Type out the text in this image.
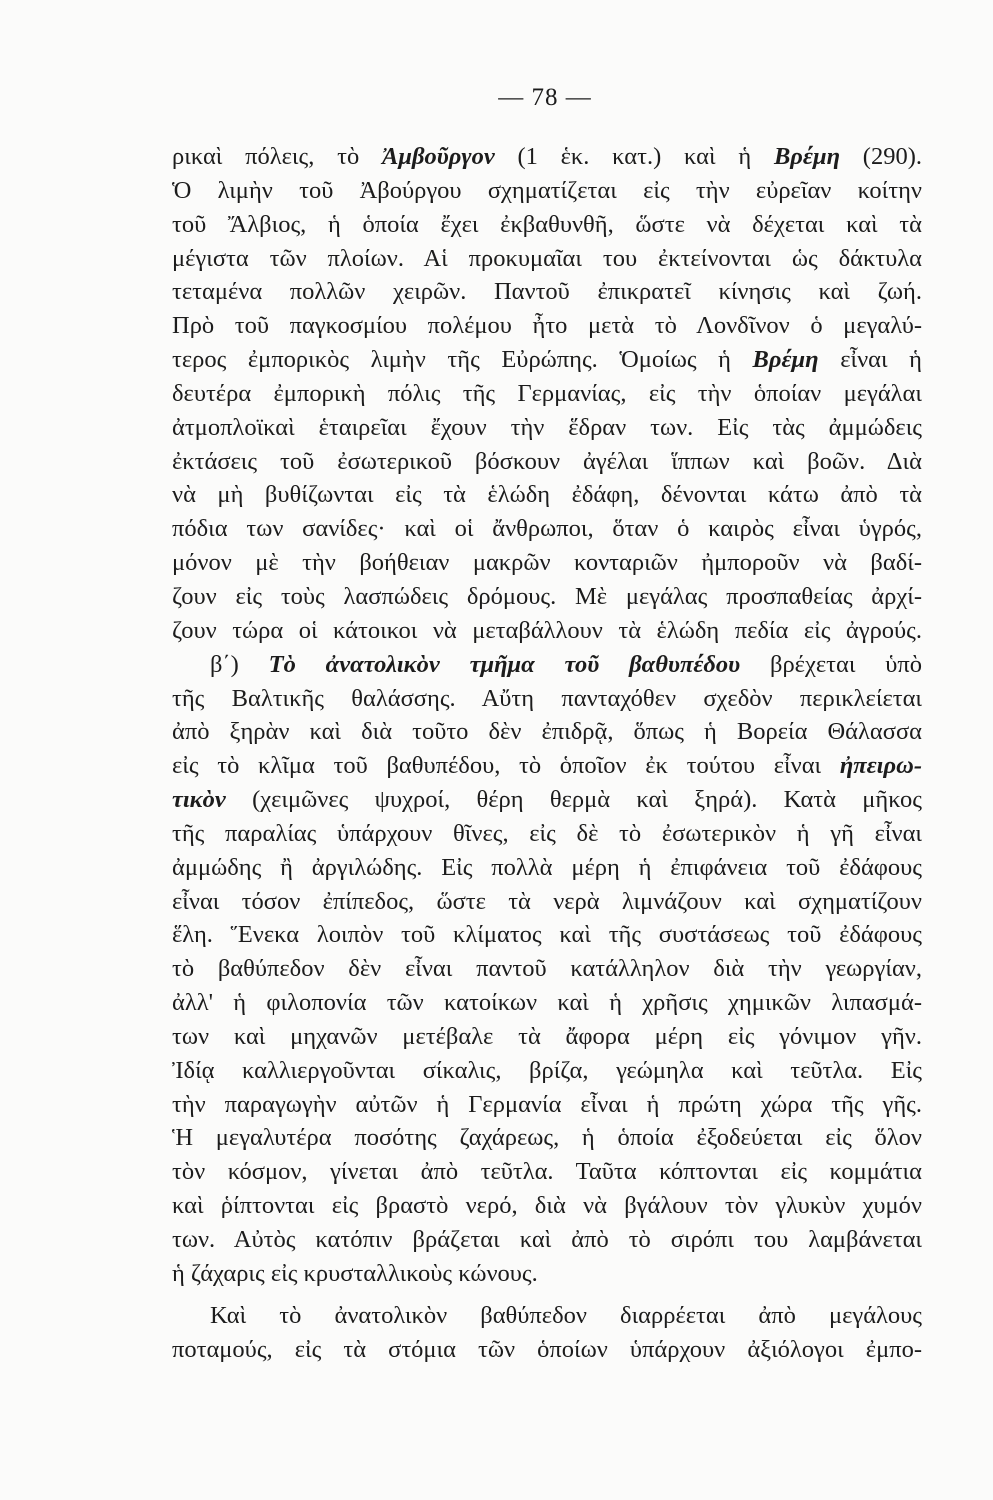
— 78 —
ρικαὶ πόλεις, τὸ Ἀμβοῦργον (1 ἑκ. κατ.) καὶ ἡ Βρέμη (290).
Ὁ λιμὴν τοῦ Ἀβούργου σχηματίζεται εἰς τὴν εὐρεῖαν κοίτην
τοῦ Ἄλβιος, ἡ ὁποία ἔχει ἐκβαθυνθῆ, ὥστε νὰ δέχεται καὶ τὰ
μέγιστα τῶν πλοίων. Αἱ προκυμαῖαι του ἐκτείνονται ὡς δάκτυλα
τεταμένα πολλῶν χειρῶν. Παντοῦ ἐπικρατεῖ κίνησις καὶ ζωή.
Πρὸ τοῦ παγκοσμίου πολέμου ἦτο μετὰ τὸ Λονδῖνον ὁ μεγαλύ-
τερος ἐμπορικὸς λιμὴν τῆς Εὐρώπης. Ὁμοίως ἡ Βρέμη εἶναι ἡ
δευτέρα ἐμπορικὴ πόλις τῆς Γερμανίας, εἰς τὴν ὁποίαν μεγάλαι
ἀτμοπλοϊκαὶ ἑταιρεῖαι ἔχουν τὴν ἕδραν των. Εἰς τὰς ἀμμώδεις
ἐκτάσεις τοῦ ἐσωτερικοῦ βόσκουν ἀγέλαι ἵππων καὶ βοῶν. Διὰ
νὰ μὴ βυθίζωνται εἰς τὰ ἑλώδη ἐδάφη, δένονται κάτω ἀπὸ τὰ
πόδια των σανίδες· καὶ οἱ ἄνθρωποι, ὅταν ὁ καιρὸς εἶναι ὑγρός,
μόνον μὲ τὴν βοήθειαν μακρῶν κονταριῶν ἠμποροῦν νὰ βαδί-
ζουν εἰς τοὺς λασπώδεις δρόμους. Μὲ μεγάλας προσπαθείας ἀρχί-
ζουν τώρα οἱ κάτοικοι νὰ μεταβάλλουν τὰ ἑλώδη πεδία εἰς ἀγρούς.
β΄) Τὸ ἀνατολικὸν τμῆμα τοῦ βαθυπέδου βρέχεται ὑπὸ
τῆς Βαλτικῆς θαλάσσης. Αὔτη πανταχόθεν σχεδὸν περικλείεται
ἀπὸ ξηρὰν καὶ διὰ τοῦτο δὲν ἐπιδρᾷ, ὅπως ἡ Βορεία Θάλασσα
εἰς τὸ κλῖμα τοῦ βαθυπέδου, τὸ ὁποῖον ἐκ τούτου εἶναι ἠπειρω-
τικὸν (χειμῶνες ψυχροί, θέρη θερμὰ καὶ ξηρά). Κατὰ μῆκος
τῆς παραλίας ὑπάρχουν θῖνες, εἰς δὲ τὸ ἐσωτερικὸν ἡ γῆ εἶναι
ἀμμώδης ἢ ἀργιλώδης. Εἰς πολλὰ μέρη ἡ ἐπιφάνεια τοῦ ἐδάφους
εἶναι τόσον ἐπίπεδος, ὥστε τὰ νερὰ λιμνάζουν καὶ σχηματίζουν
ἕλη. Ἕνεκα λοιπὸν τοῦ κλίματος καὶ τῆς συστάσεως τοῦ ἐδάφους
τὸ βαθύπεδον δὲν εἶναι παντοῦ κατάλληλον διὰ τὴν γεωργίαν,
ἀλλ' ἡ φιλοπονία τῶν κατοίκων καὶ ἡ χρῆσις χημικῶν λιπασμά-
των καὶ μηχανῶν μετέβαλε τὰ ἄφορα μέρη εἰς γόνιμον γῆν.
Ἰδίᾳ καλλιεργοῦνται σίκαλις, βρίζα, γεώμηλα καὶ τεῦτλα. Εἰς
τὴν παραγωγὴν αὐτῶν ἡ Γερμανία εἶναι ἡ πρώτη χώρα τῆς γῆς.
Ἡ μεγαλυτέρα ποσότης ζαχάρεως, ἡ ὁποία ἐξοδεύεται εἰς ὅλον
τὸν κόσμον, γίνεται ἀπὸ τεῦτλα. Ταῦτα κόπτονται εἰς κομμάτια
καὶ ῥίπτονται εἰς βραστὸ νερό, διὰ νὰ βγάλουν τὸν γλυκὺν χυμόν
των. Αὐτὸς κατόπιν βράζεται καὶ ἀπὸ τὸ σιρόπι του λαμβάνεται
ἡ ζάχαρις εἰς κρυσταλλικοὺς κώνους.
Καὶ τὸ ἀνατολικὸν βαθύπεδον διαρρέεται ἀπὸ μεγάλους
ποταμούς, εἰς τὰ στόμια τῶν ὁποίων ὑπάρχουν ἀξιόλογοι ἐμπο-
